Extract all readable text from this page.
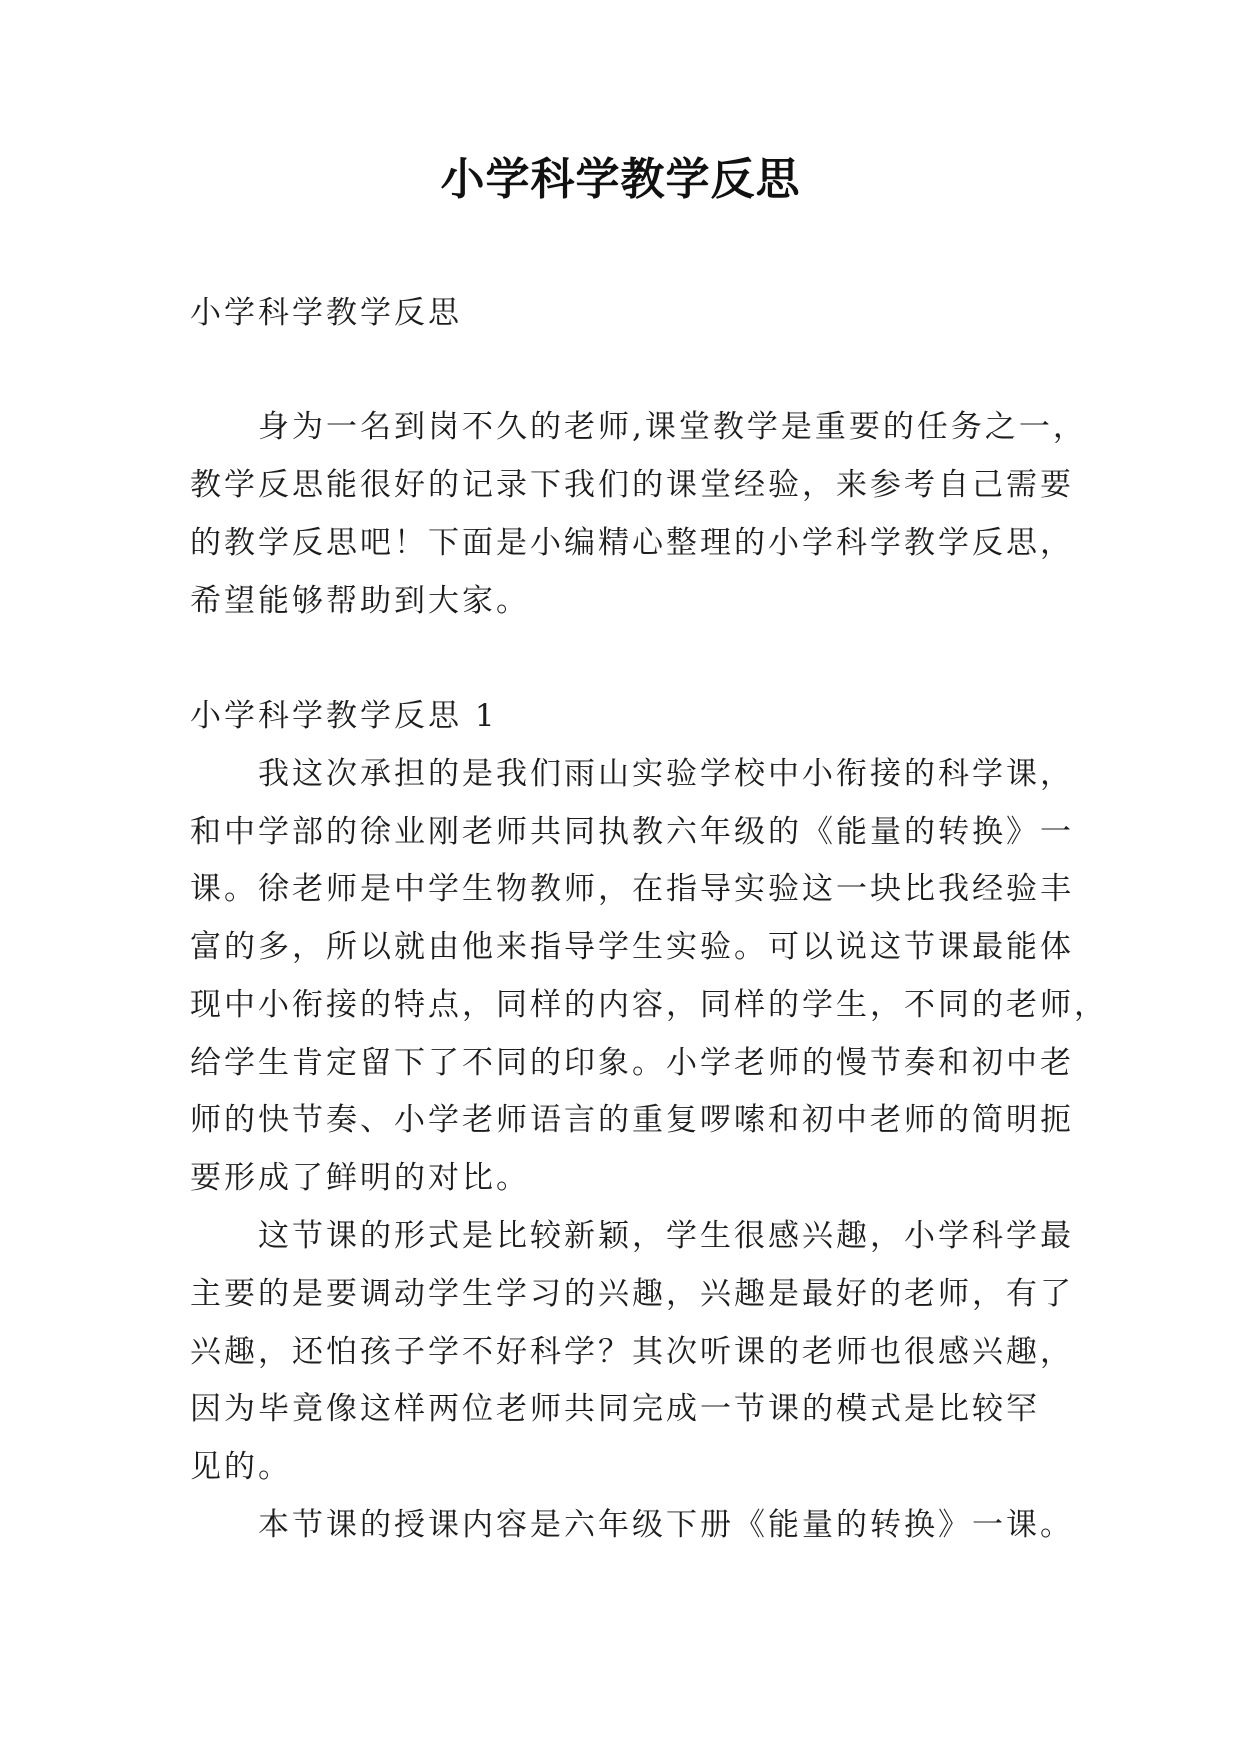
小学科学教学反思
小学科学教学反思
身为一名到岗不久的老师,课堂教学是重要的任务之一，
教学反思能很好的记录下我们的课堂经验，来参考自己需要
的教学反思吧！下面是小编精心整理的小学科学教学反思，
希望能够帮助到大家。
小学科学教学反思 1
我这次承担的是我们雨山实验学校中小衔接的科学课，
和中学部的徐业刚老师共同执教六年级的《能量的转换》一
课。徐老师是中学生物教师，在指导实验这一块比我经验丰
富的多，所以就由他来指导学生实验。可以说这节课最能体
现中小衔接的特点，同样的内容，同样的学生，不同的老师，
给学生肯定留下了不同的印象。小学老师的慢节奏和初中老
师的快节奏、小学老师语言的重复啰嗦和初中老师的简明扼
要形成了鲜明的对比。
这节课的形式是比较新颖，学生很感兴趣，小学科学最
主要的是要调动学生学习的兴趣，兴趣是最好的老师，有了
兴趣，还怕孩子学不好科学？其次听课的老师也很感兴趣，
因为毕竟像这样两位老师共同完成一节课的模式是比较罕
见的。
本节课的授课内容是六年级下册《能量的转换》一课。
